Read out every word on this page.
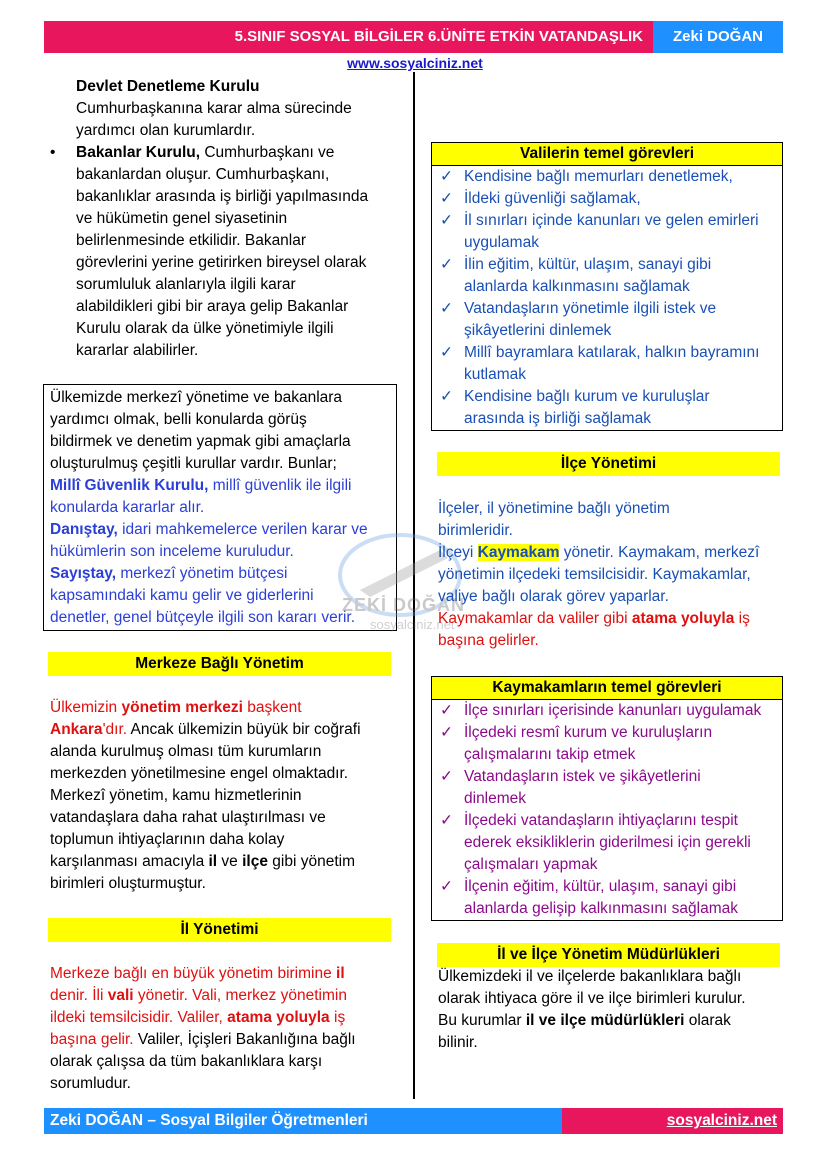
5.SINIF SOSYAL BİLGİLER 6.ÜNİTE ETKİN VATANDAŞLIK	Zeki DOĞAN
www.sosyalciniz.net
Devlet Denetleme Kurulu
Cumhurbaşkanına karar alma sürecinde
yardımcı olan kurumlardır.
•	Bakanlar Kurulu, Cumhurbaşkanı ve
bakanlardan oluşur. Cumhurbaşkanı,
bakanlıklar arasında iş birliği yapılmasında
ve hükümetin genel siyasetinin
belirlenmesinde etkilidir. Bakanlar
görevlerini yerine getirirken bireysel olarak
sorumluluk alanlarıyla ilgili karar
alabildikleri gibi bir araya gelip Bakanlar
Kurulu olarak da ülke yönetimiyle ilgili
kararlar alabilirler.
Ülkemizde merkezî yönetime ve bakanlara
yardımcı olmak, belli konularda görüş
bildirmek ve denetim yapmak gibi amaçlarla
oluşturulmuş çeşitli kurullar vardır. Bunlar;
Millî Güvenlik Kurulu, millî güvenlik ile ilgili
konularda kararlar alır.
Danıştay, idari mahkemelerce verilen karar ve
hükümlerin son inceleme kuruludur.
Sayıştay, merkezî yönetim bütçesi
kapsamındaki kamu gelir ve giderlerini
denetler, genel bütçeyle ilgili son kararı verir.
ZEKİ DOĞAN
sosyalciniz.net
Merkeze Bağlı Yönetim
Ülkemizin yönetim merkezi başkent
Ankara'dır. Ancak ülkemizin büyük bir coğrafi
alanda kurulmuş olması tüm kurumların
merkezden yönetilmesine engel olmaktadır.
Merkezî yönetim, kamu hizmetlerinin
vatandaşlara daha rahat ulaştırılması ve
toplumun ihtiyaçlarının daha kolay
karşılanması amacıyla il ve ilçe gibi yönetim
birimleri oluşturmuştur.
İl Yönetimi
Merkeze bağlı en büyük yönetim birimine il
denir. İli vali yönetir. Vali, merkez yönetimin
ildeki temsilcisidir. Valiler, atama yoluyla iş
başına gelir. Valiler, İçişleri Bakanlığına bağlı
olarak çalışsa da tüm bakanlıklara karşı
sorumludur.
Valilerin temel görevleri
✓ Kendisine bağlı memurları denetlemek,
✓ İldeki güvenliği sağlamak,
✓ İl sınırları içinde kanunları ve gelen emirleri
uygulamak
✓ İlin eğitim, kültür, ulaşım, sanayi gibi
alanlarda kalkınmasını sağlamak
✓ Vatandaşların yönetimle ilgili istek ve
şikâyetlerini dinlemek
✓ Millî bayramlara katılarak, halkın bayramını
kutlamak
✓ Kendisine bağlı kurum ve kuruluşlar
arasında iş birliği sağlamak
İlçe Yönetimi
İlçeler, il yönetimine bağlı yönetim
birimleridir.
İlçeyi Kaymakam yönetir. Kaymakam, merkezî
yönetimin ilçedeki temsilcisidir. Kaymakamlar,
valiye bağlı olarak görev yaparlar.
Kaymakamlar da valiler gibi atama yoluyla iş
başına gelirler.
Kaymakamların temel görevleri
✓ İlçe sınırları içerisinde kanunları uygulamak
✓ İlçedeki resmî kurum ve kuruluşların
çalışmalarını takip etmek
✓ Vatandaşların istek ve şikâyetlerini
dinlemek
✓ İlçedeki vatandaşların ihtiyaçlarını tespit
ederek eksikliklerin giderilmesi için gerekli
çalışmaları yapmak
✓ İlçenin eğitim, kültür, ulaşım, sanayi gibi
alanlarda gelişip kalkınmasını sağlamak
İl ve İlçe Yönetim Müdürlükleri
Ülkemizdeki il ve ilçelerde bakanlıklara bağlı
olarak ihtiyaca göre il ve ilçe birimleri kurulur.
Bu kurumlar il ve ilçe müdürlükleri olarak
bilinir.
Zeki DOĞAN – Sosyal Bilgiler Öğretmenleri	sosyalciniz.net
